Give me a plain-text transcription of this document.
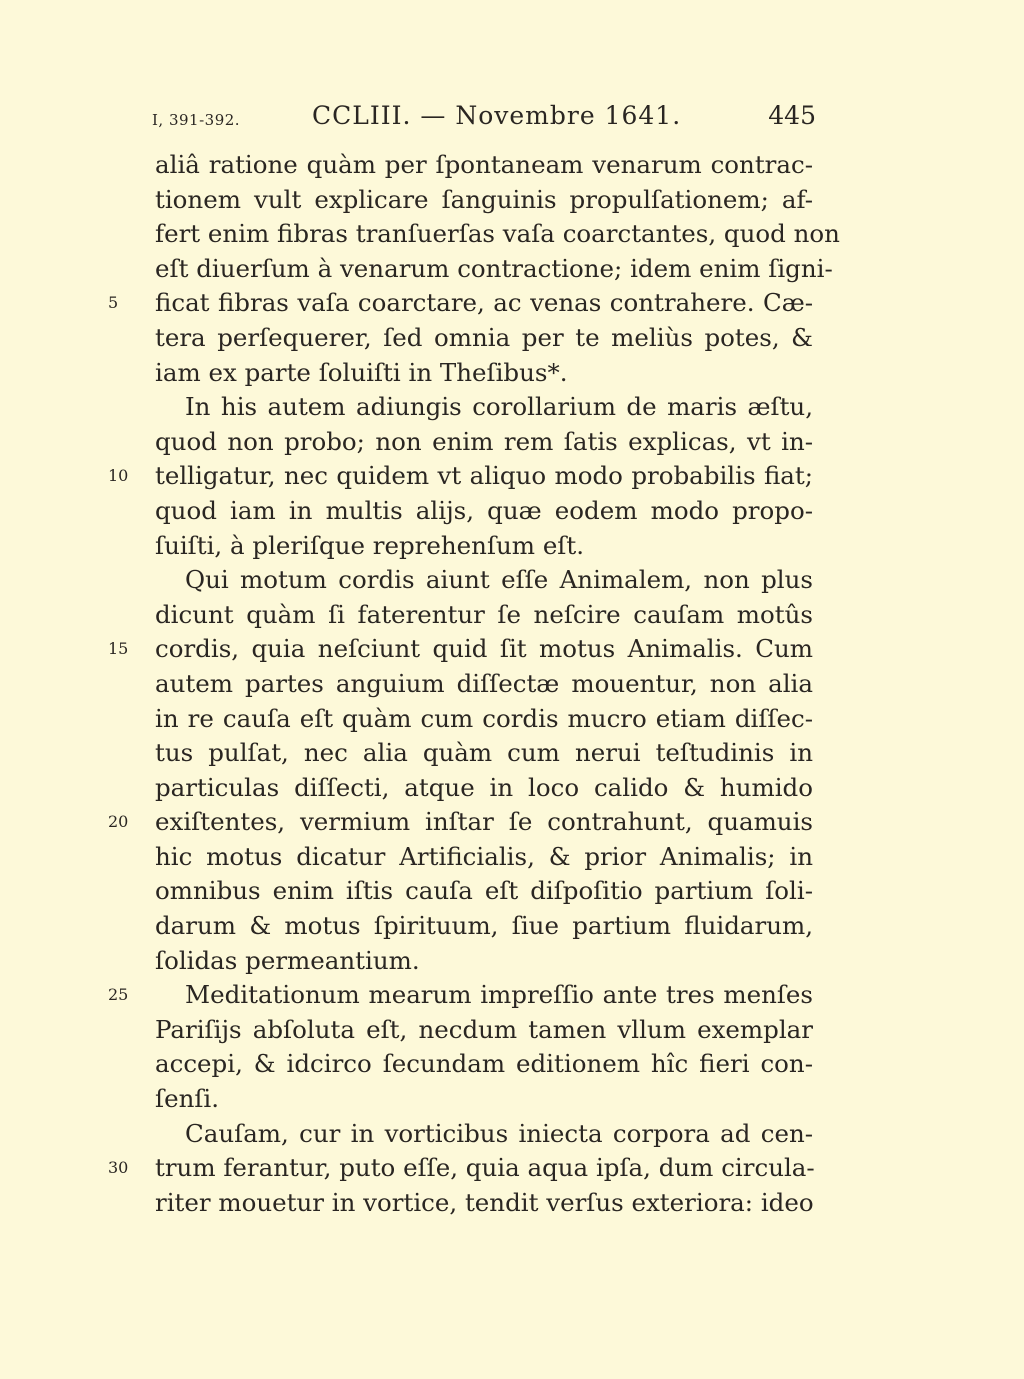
I, 391-392.	CCLIII. — Novembre 1641.	445
aliâ ratione quàm per ſpontaneam venarum contrac-
tionem vult explicare ſanguinis propulſationem; af-
fert enim fibras tranſuerſas vaſa coarctantes, quod non
eſt diuerſum à venarum contractione; idem enim ſigni-
5	ficat fibras vaſa coarctare, ac venas contrahere. Cæ-
tera perſequerer, ſed omnia per te meliùs potes, &
iam ex parte ſoluiſti in Theſibus*.
In his autem adiungis corollarium de maris æſtu,
quod non probo; non enim rem ſatis explicas, vt in-
10	telligatur, nec quidem vt aliquo modo probabilis fiat;
quod iam in multis alijs, quæ eodem modo propo-
ſuiſti, à pleriſque reprehenſum eſt.
Qui motum cordis aiunt eſſe Animalem, non plus
dicunt quàm ſi faterentur ſe neſcire cauſam motûs
15	cordis, quia neſciunt quid ſit motus Animalis. Cum
autem partes anguium diſſectæ mouentur, non alia
in re cauſa eſt quàm cum cordis mucro etiam diſſec-
tus pulſat, nec alia quàm cum nerui teſtudinis in
particulas diſſecti, atque in loco calido & humido
20	exiſtentes, vermium inſtar ſe contrahunt, quamuis
hic motus dicatur Artificialis, & prior Animalis; in
omnibus enim iſtis cauſa eſt diſpoſitio partium ſoli-
darum & motus ſpirituum, ſiue partium fluidarum,
ſolidas permeantium.
25	Meditationum mearum impreſſio ante tres menſes
Pariſijs abſoluta eſt, necdum tamen vllum exemplar
accepi, & idcirco ſecundam editionem hîc fieri con-
ſenſi.
Cauſam, cur in vorticibus iniecta corpora ad cen-
30	trum ferantur, puto eſſe, quia aqua ipſa, dum circula-
riter mouetur in vortice, tendit verſus exteriora: ideo
